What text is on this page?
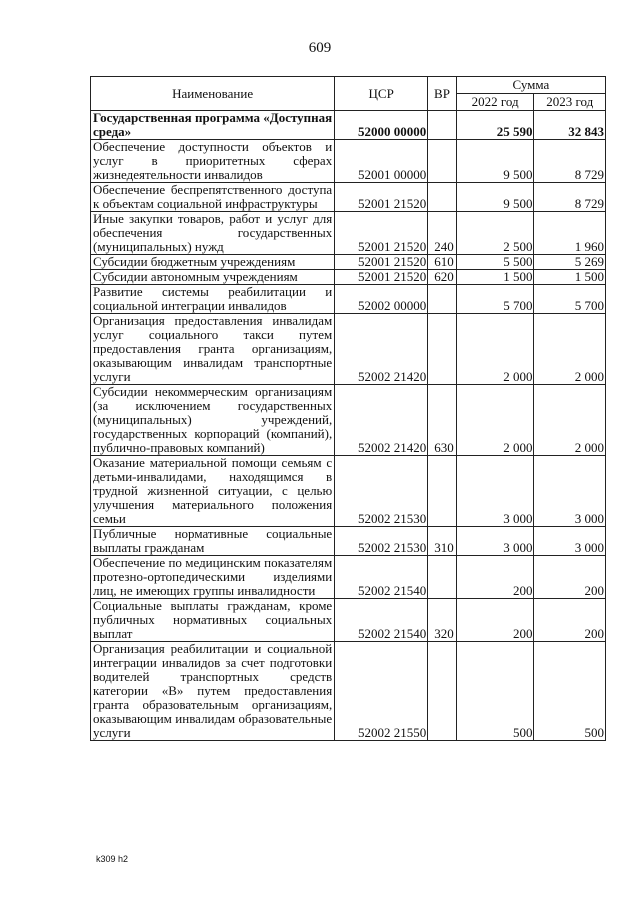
609
Наименование	ЦСР	ВР	Сумма	
			2022 год	2023 год
Государственная программа «Доступная среда»	52000 00000		25 590	32 843
Обеспечение доступности объектов и услуг в приоритетных сферах жизнедеятельности инвалидов	52001 00000		9 500	8 729
Обеспечение беспрепятственного доступа к объектам социальной инфраструктуры	52001 21520		9 500	8 729
Иные закупки товаров, работ и услуг для обеспечения государственных (муниципальных) нужд	52001 21520	240	2 500	1 960
Субсидии бюджетным учреждениям	52001 21520	610	5 500	5 269
Субсидии автономным учреждениям	52001 21520	620	1 500	1 500
Развитие системы реабилитации и социальной интеграции инвалидов	52002 00000		5 700	5 700
Организация предоставления инвалидам услуг социального такси путем предоставления гранта организациям, оказывающим инвалидам транспортные услуги	52002 21420		2 000	2 000
Субсидии некоммерческим организациям (за исключением государственных (муниципальных) учреждений, государственных корпораций (компаний), публично-правовых компаний)	52002 21420	630	2 000	2 000
Оказание материальной помощи семьям с детьми-инвалидами, находящимся в трудной жизненной ситуации, с целью улучшения материального положения семьи	52002 21530		3 000	3 000
Публичные нормативные социальные выплаты гражданам	52002 21530	310	3 000	3 000
Обеспечение по медицинским показателям протезно-ортопедическими изделиями лиц, не имеющих группы инвалидности	52002 21540		200	200
Социальные выплаты гражданам, кроме публичных нормативных социальных выплат	52002 21540	320	200	200
Организация реабилитации и социальной интеграции инвалидов за счет подготовки водителей транспортных средств категории «В» путем предоставления гранта образовательным организациям, оказывающим инвалидам образовательные услуги	52002 21550		500	500
k309 h2
